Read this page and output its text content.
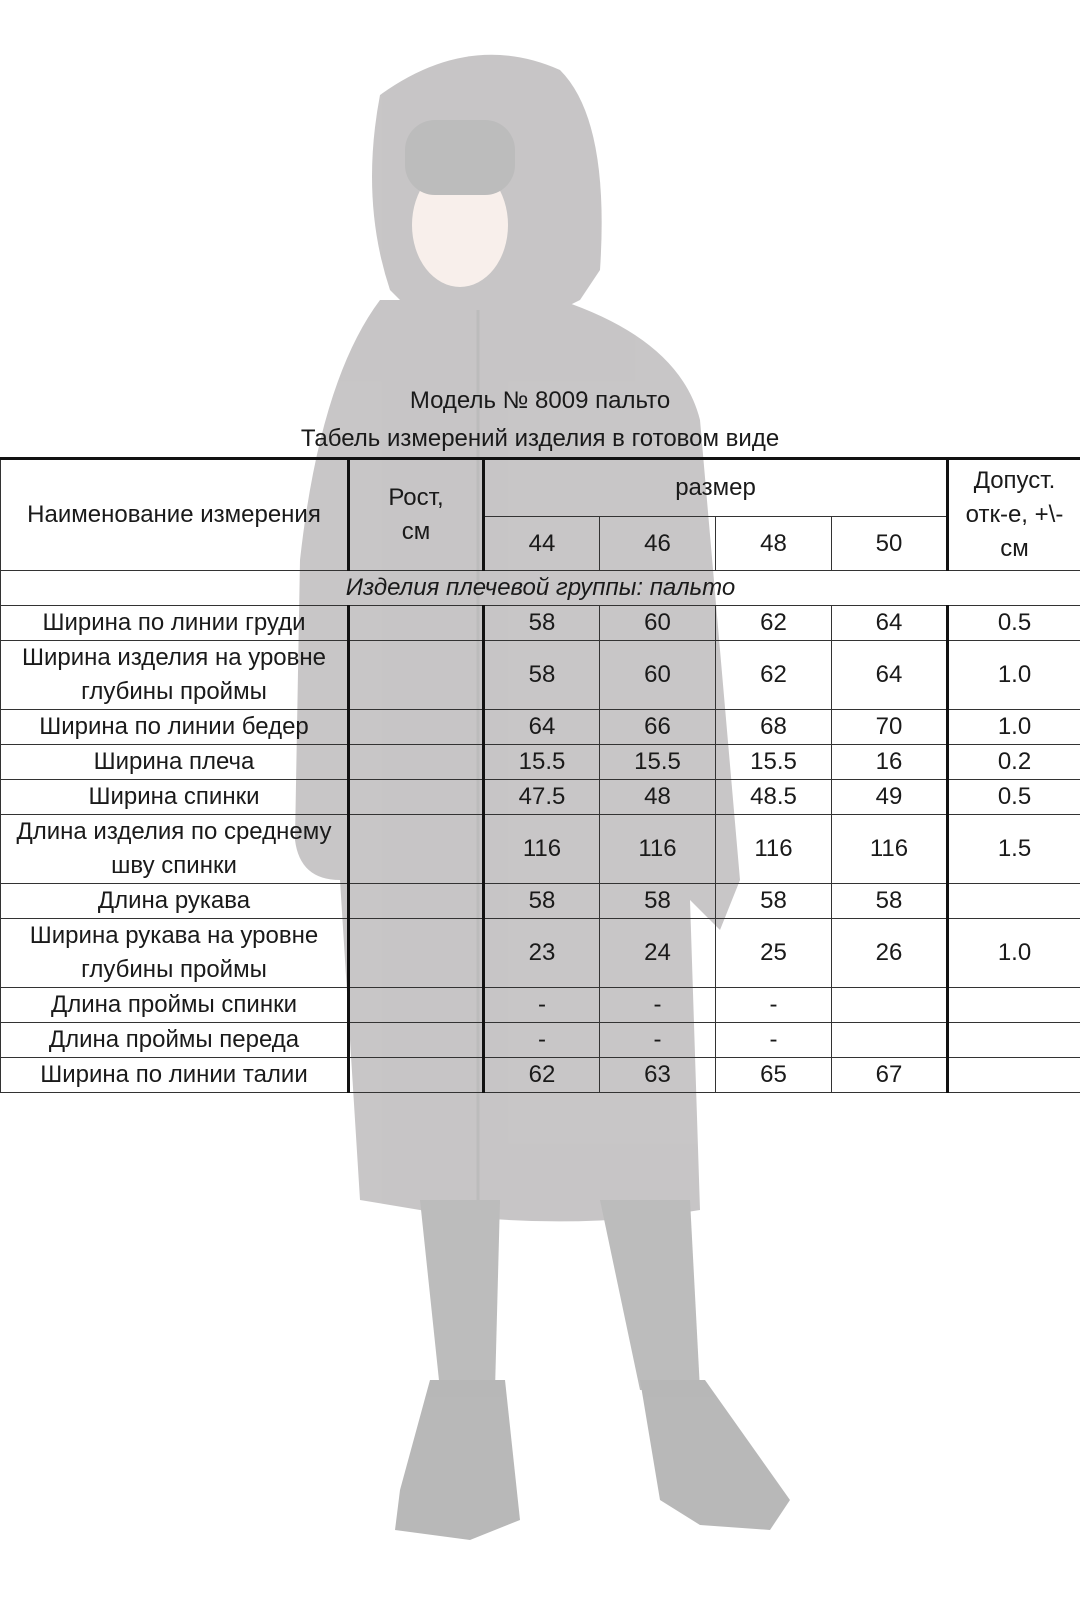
Модель № 8009 пальто
Табель измерений изделия в готовом виде
Наименование измерения	Рост, см	размер				Допуст. отк-е, +\-см

		44	46	48	50	
Изделия плечевой группы: пальто						
Ширина по линии груди		58	60	62	64	0.5
Ширина изделия на уровне глубины проймы		58	60	62	64	1.0
Ширина по линии бедер		64	66	68	70	1.0
Ширина плеча		15.5	15.5	15.5	16	0.2
Ширина спинки		47.5	48	48.5	49	0.5
Длина изделия по среднему шву спинки		116	116	116	116	1.5
Длина рукава		58	58	58	58	
Ширина рукава на уровне глубины проймы		23	24	25	26	1.0
Длина проймы спинки		-	-	-		
Длина проймы переда		-	-	-		
Ширина по линии талии		62	63	65	67	
